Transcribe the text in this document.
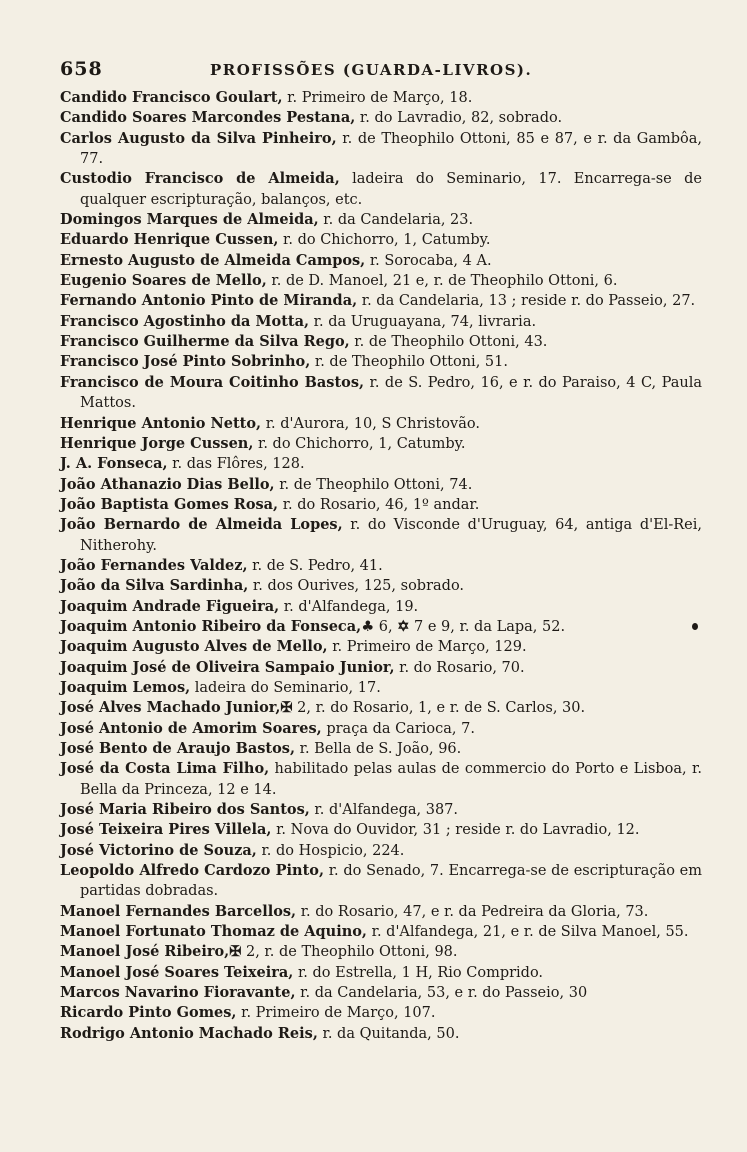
658	PROFISSÕES (GUARDA-LIVROS).
Candido Francisco Goulart, r. Primeiro de Março, 18.
Candido Soares Marcondes Pestana, r. do Lavradio, 82, sobrado.
Carlos Augusto da Silva Pinheiro, r. de Theophilo Ottoni, 85 e 87, e r. da Gambôa, 77.
Custodio Francisco de Almeida, ladeira do Seminario, 17. Encarrega-se de qualquer escripturação, balanços, etc.
Domingos Marques de Almeida, r. da Candelaria, 23.
Eduardo Henrique Cussen, r. do Chichorro, 1, Catumby.
Ernesto Augusto de Almeida Campos, r. Sorocaba, 4 A.
Eugenio Soares de Mello, r. de D. Manoel, 21 e, r. de Theophilo Ottoni, 6.
Fernando Antonio Pinto de Miranda, r. da Candelaria, 13 ; reside r. do Passeio, 27.
Francisco Agostinho da Motta, r. da Uruguayana, 74, livraria.
Francisco Guilherme da Silva Rego, r. de Theophilo Ottoni, 43.
Francisco José Pinto Sobrinho, r. de Theophilo Ottoni, 51.
Francisco de Moura Coitinho Bastos, r. de S. Pedro, 16, e r. do Paraiso, 4 C, Paula Mattos.
Henrique Antonio Netto, r. d'Aurora, 10, S Christovão.
Henrique Jorge Cussen, r. do Chichorro, 1, Catumby.
J. A. Fonseca, r. das Flôres, 128.
João Athanazio Dias Bello, r. de Theophilo Ottoni, 74.
João Baptista Gomes Rosa, r. do Rosario, 46, 1º andar.
João Bernardo de Almeida Lopes, r. do Visconde d'Uruguay, 64, antiga d'El-Rei, Nitherohy.
João Fernandes Valdez, r. de S. Pedro, 41.
João da Silva Sardinha, r. dos Ourives, 125, sobrado.
Joaquim Andrade Figueira, r. d'Alfandega, 19.
Joaquim Antonio Ribeiro da Fonseca,♣ 6, ✡ 7 e 9, r. da Lapa, 52.
Joaquim Augusto Alves de Mello, r. Primeiro de Março, 129.
Joaquim José de Oliveira Sampaio Junior, r. do Rosario, 70.
Joaquim Lemos, ladeira do Seminario, 17.
José Alves Machado Junior,✠ 2, r. do Rosario, 1, e r. de S. Carlos, 30.
José Antonio de Amorim Soares, praça da Carioca, 7.
José Bento de Araujo Bastos, r. Bella de S. João, 96.
José da Costa Lima Filho, habilitado pelas aulas de commercio do Porto e Lisboa, r. Bella da Princeza, 12 e 14.
José Maria Ribeiro dos Santos, r. d'Alfandega, 387.
José Teixeira Pires Villela, r. Nova do Ouvidor, 31 ; reside r. do Lavradio, 12.
José Victorino de Souza, r. do Hospicio, 224.
Leopoldo Alfredo Cardozo Pinto, r. do Senado, 7. Encarrega-se de escripturação em partidas dobradas.
Manoel Fernandes Barcellos, r. do Rosario, 47, e r. da Pedreira da Gloria, 73.
Manoel Fortunato Thomaz de Aquino, r. d'Alfandega, 21, e r. de Silva Manoel, 55.
Manoel José Ribeiro,✠ 2, r. de Theophilo Ottoni, 98.
Manoel José Soares Teixeira, r. do Estrella, 1 H, Rio Comprido.
Marcos Navarino Fioravante, r. da Candelaria, 53, e r. do Passeio, 30
Ricardo Pinto Gomes, r. Primeiro de Março, 107.
Rodrigo Antonio Machado Reis, r. da Quitanda, 50.
